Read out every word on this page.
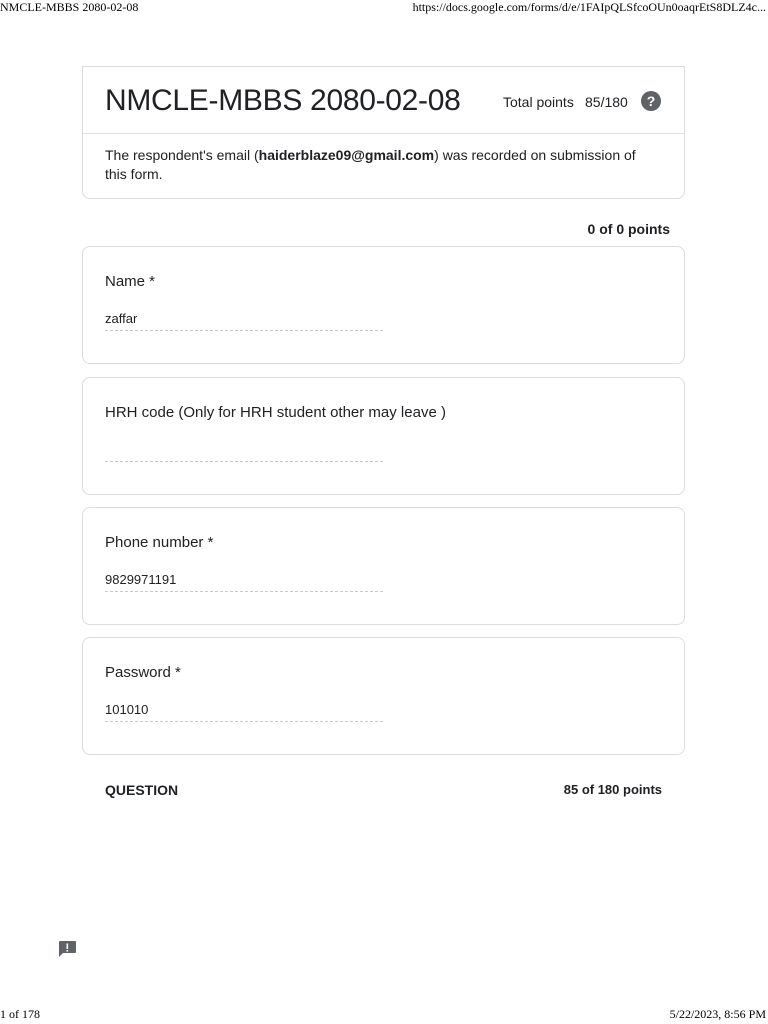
NMCLE-MBBS 2080-02-08	https://docs.google.com/forms/d/e/1FAIpQLSfcoOUn0oaqrEtS8DLZ4c...
NMCLE-MBBS 2080-02-08	Total points 85/180	?
The respondent's email (haiderblaze09@gmail.com) was recorded on submission of this form.
0 of 0 points
Name *
zaffar
HRH code (Only for HRH student other may leave )
Phone number *
9829971191
Password *
101010
QUESTION	85 of 180 points
1 of 178	5/22/2023, 8:56 PM
